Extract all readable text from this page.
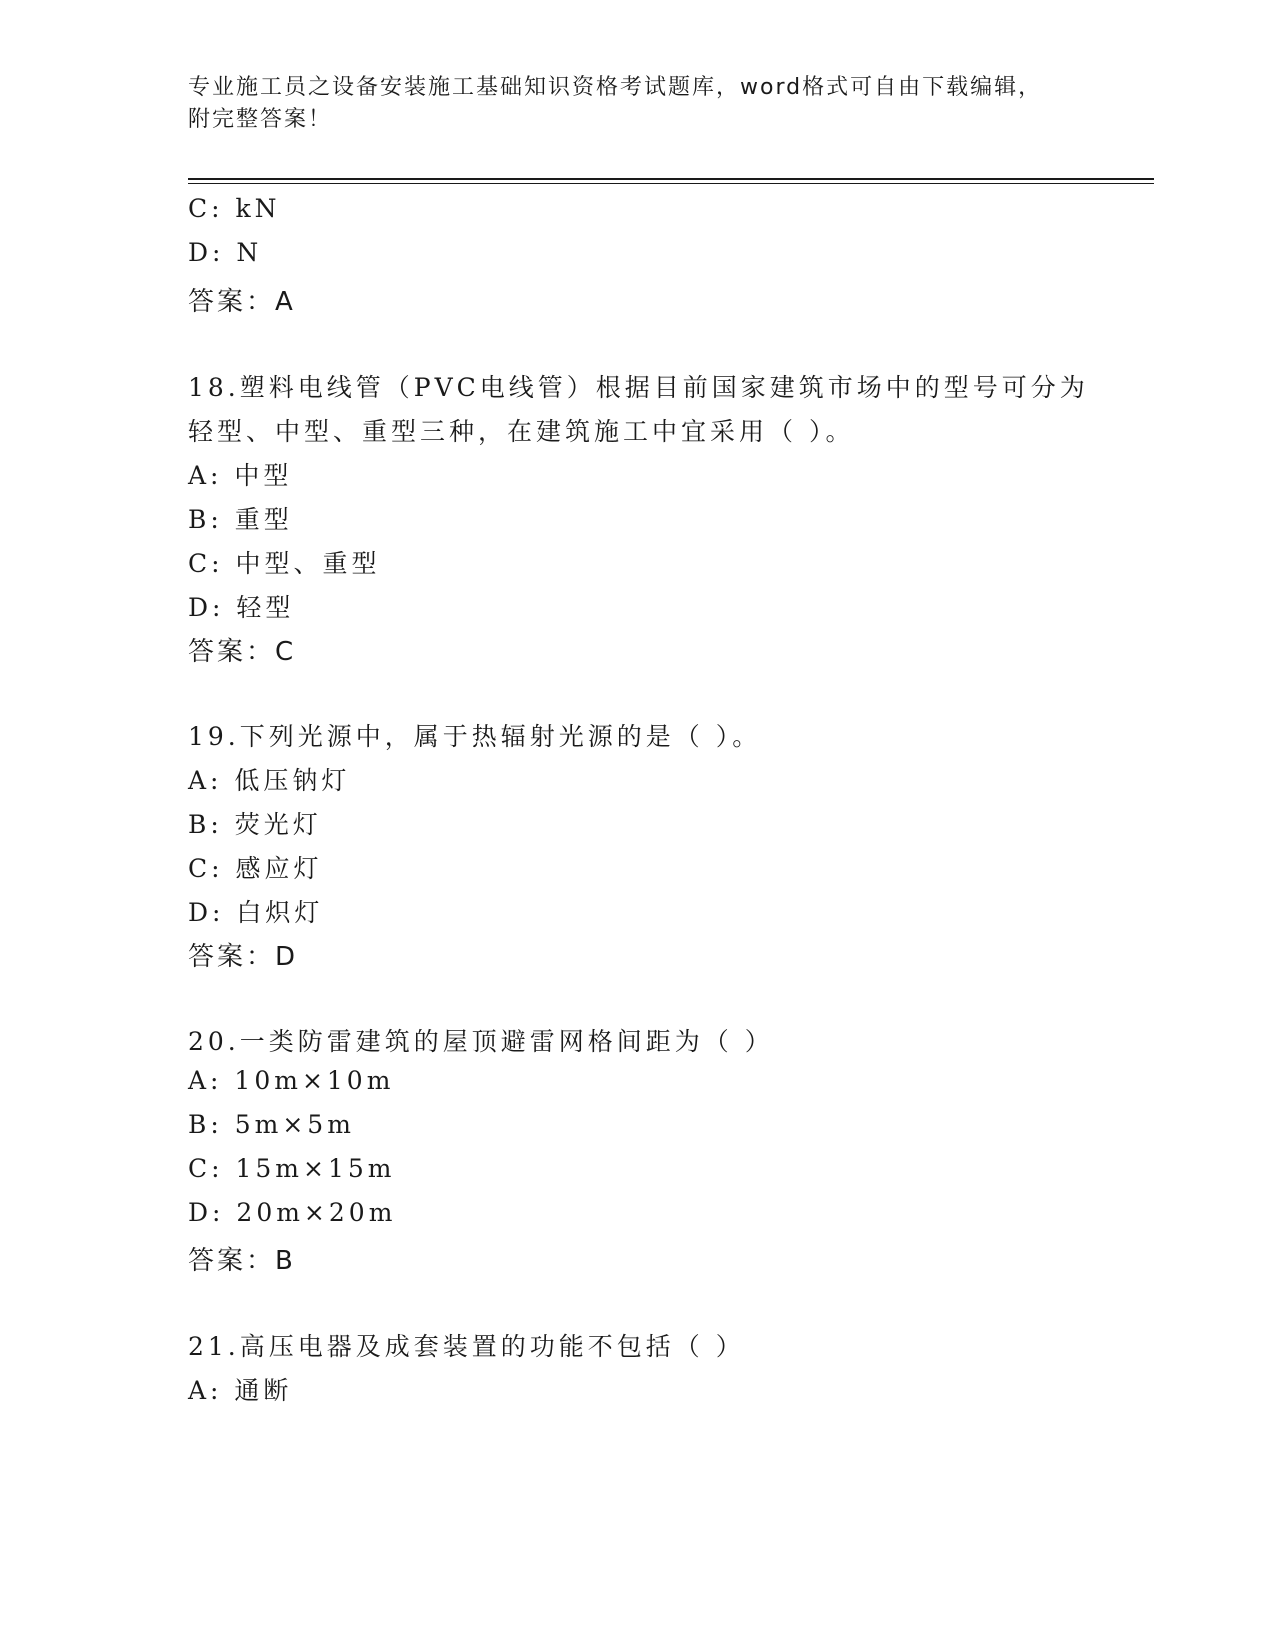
专业施工员之设备安装施工基础知识资格考试题库，word格式可自由下载编辑，
附完整答案！
C: kN
D: N
答案：A
18.塑料电线管（PVC电线管）根据目前国家建筑市场中的型号可分为
轻型、中型、重型三种，在建筑施工中宜采用（ ）。
A: 中型
B: 重型
C: 中型、重型
D: 轻型
答案：C
19.下列光源中，属于热辐射光源的是（ ）。
A: 低压钠灯
B: 荧光灯
C: 感应灯
D: 白炽灯
答案：D
20.一类防雷建筑的屋顶避雷网格间距为（ ）
A: 10m×10m
B: 5m×5m
C: 15m×15m
D: 20m×20m
答案：B
21.高压电器及成套装置的功能不包括（ ）
A: 通断
